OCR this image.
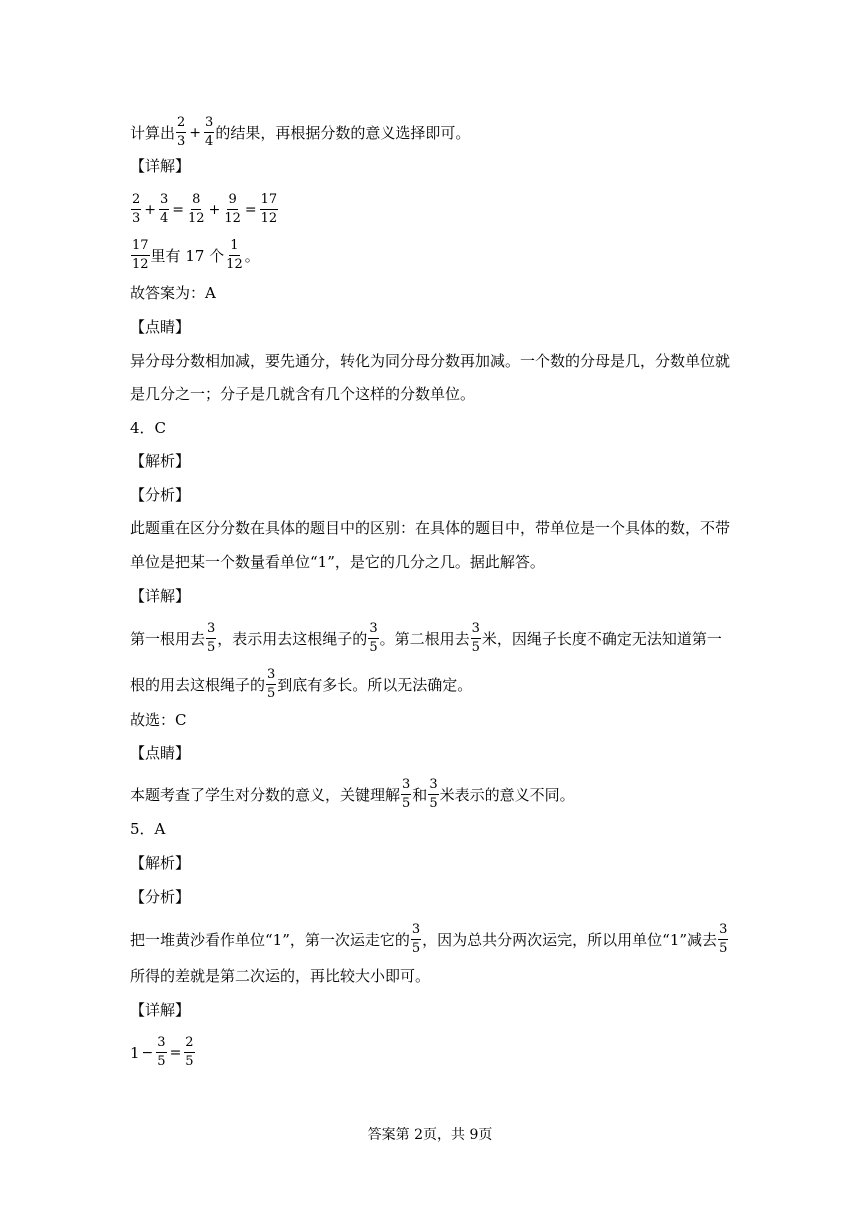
计算出 $\frac{2}{3} + \frac{3}{4}$ 的结果，再根据分数的意义选择即可。
【详解】
$\frac{2}{3} + \frac{3}{4} = \frac{8}{12} + \frac{9}{12} = \frac{17}{12}$
$\frac{17}{12}$ 里有 17 个 $\frac{1}{12}$ 。
故答案为：A
【点睛】
异分母分数相加减，要先通分，转化为同分母分数再加减。一个数的分母是几，分数单位就
是几分之一；分子是几就含有几个这样的分数单位。
4．C
【解析】
【分析】
此题重在区分分数在具体的题目中的区别：在具体的题目中，带单位是一个具体的数，不带
单位是把某一个数量看单位“1”，是它的几分之几。据此解答。
【详解】
第一根用去 $\frac{3}{5}$ ，表示用去这根绳子的 $\frac{3}{5}$ 。第二根用去 $\frac{3}{5}$ 米，因绳子长度不确定无法知道第一
根的用去这根绳子的 $\frac{3}{5}$ 到底有多长。所以无法确定。
故选：C
【点睛】
本题考查了学生对分数的意义，关键理解 $\frac{3}{5}$ 和 $\frac{3}{5}$ 米表示的意义不同。
5．A
【解析】
【分析】
把一堆黄沙看作单位“1”，第一次运走它的 $\frac{3}{5}$ ，因为总共分两次运完，所以用单位“1”减去 $\frac{3}{5}$
所得的差就是第二次运的，再比较大小即可。
【详解】
$1 - \frac{3}{5} = \frac{2}{5}$
答案第 2页，共 9页
